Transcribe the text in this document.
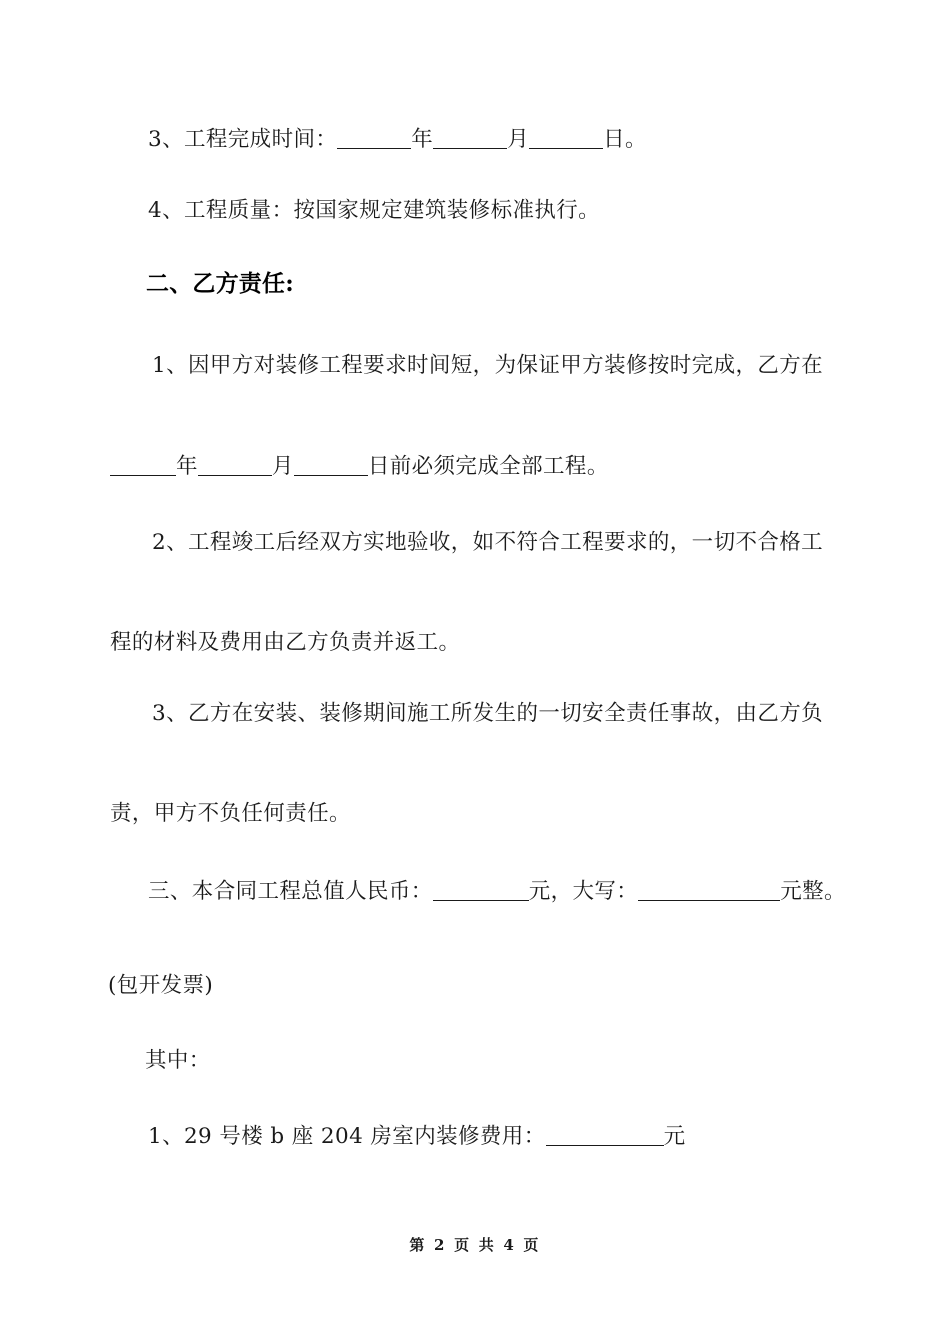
3、工程完成时间：	年	月	日。
4、工程质量：按国家规定建筑装修标准执行。
二、乙方责任:
1、因甲方对装修工程要求时间短，为保证甲方装修按时完成，乙方在
年	月	日前必须完成全部工程。
2、工程竣工后经双方实地验收，如不符合工程要求的，一切不合格工
程的材料及费用由乙方负责并返工。
3、乙方在安装、装修期间施工所发生的一切安全责任事故，由乙方负
责，甲方不负任何责任。
三、本合同工程总值人民币：	元，大写：	元整。
(包开发票)
其中：
1、29 号楼 b 座 204 房室内装修费用：	元
第 2 页 共 4 页
